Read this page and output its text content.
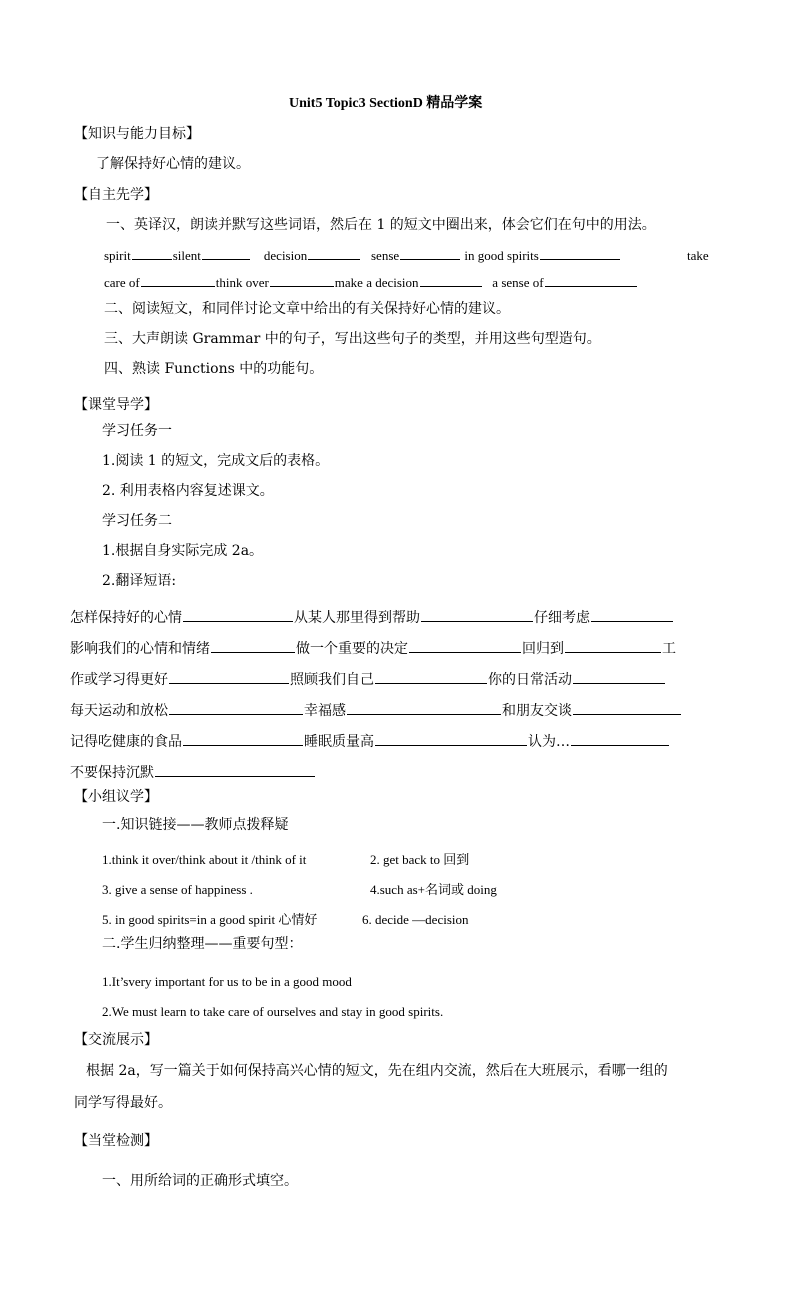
Unit5 Topic3 SectionD 精品学案
【知识与能力目标】
了解保持好心情的建议。
【自主先学】
一、英译汉，朗读并默写这些词语，然后在 1 的短文中圈出来，体会它们在句中的用法。
spirit	silent	decision	sense	in good spirits	take
care of	think over	make a decision	a sense of
二、阅读短文，和同伴讨论文章中给出的有关保持好心情的建议。
三、大声朗读 Grammar 中的句子，写出这些句子的类型，并用这些句型造句。
四、熟读 Functions 中的功能句。
【课堂导学】
学习任务一
1.阅读 1 的短文，完成文后的表格。
2. 利用表格内容复述课文。
学习任务二
1.根据自身实际完成 2a。
2.翻译短语:
怎样保持好的心情	从某人那里得到帮助	仔细考虑
影响我们的心情和情绪	做一个重要的决定	回归到	工
作或学习得更好	照顾我们自己	你的日常活动
每天运动和放松	幸福感	和朋友交谈
记得吃健康的食品	睡眠质量高	认为…
不要保持沉默
【小组议学】
一.知识链接——教师点拨释疑
1.think it over/think about it /think of it	2. get back to 回到
3. give a sense of happiness .	4.such as+名词或 doing
5. in good spirits=in a good spirit 心情好	6. decide —decision
二.学生归纳整理——重要句型：
1.It’svery important for us to be in a good mood
2.We must learn to take care of ourselves and stay in good spirits.
【交流展示】
根据 2a，写一篇关于如何保持高兴心情的短文，先在组内交流，然后在大班展示，看哪一组的
同学写得最好。
【当堂检测】
一、用所给词的正确形式填空。
